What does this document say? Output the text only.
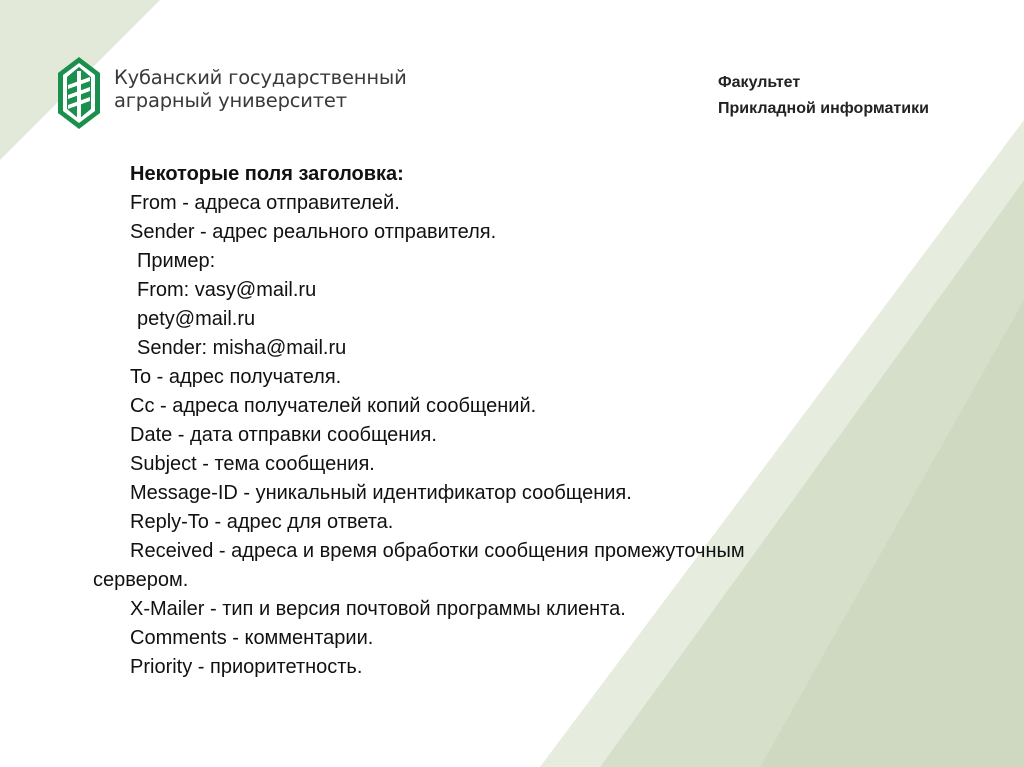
Кубанский государственный
аграрный университет
Факультет
Прикладной информатики
Некоторые поля заголовка:
From - адреса отправителей.
Sender - адрес реального отправителя.
Пример:
From: vasy@mail.ru
pety@mail.ru
Sender: misha@mail.ru
To - адрес получателя.
Cc - адреса получателей копий сообщений.
Date - дата отправки сообщения.
Subject - тема сообщения.
Message-ID - уникальный идентификатор сообщения.
Reply-To - адрес для ответа.
Received - адреса и время обработки сообщения промежуточным
сервером.
X-Mailer - тип и версия почтовой программы клиента.
Comments - комментарии.
Priority - приоритетность.
